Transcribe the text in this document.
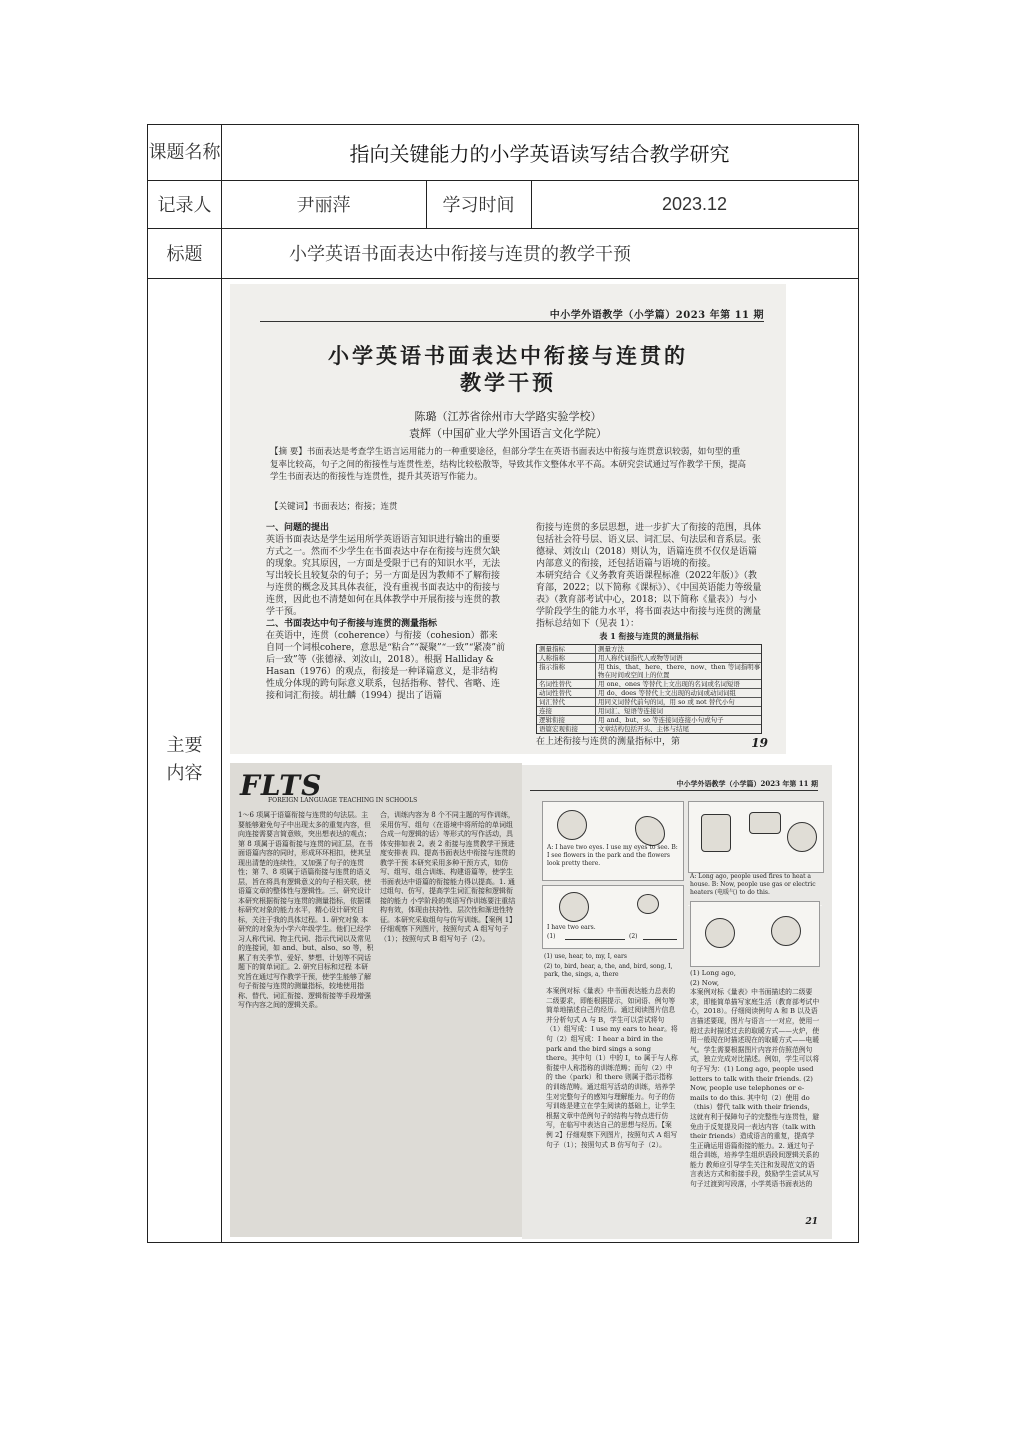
课题名称	指向关键能力的小学英语读写结合教学研究
记录人	尹丽萍	学习时间	2023.12
标题	小学英语书面表达中衔接与连贯的教学干预
主要内容
中小学外语教学（小学篇）2023 年第 11 期
小学英语书面表达中衔接与连贯的
教学干预
陈璐（江苏省徐州市大学路实验学校）
袁辉（中国矿业大学外国语言文化学院）
【摘 要】书面表达是考查学生语言运用能力的一种重要途径，但部分学生在英语书面表达中衔接与连贯意识较弱，如句型的重复率比较高，句子之间的衔接性与连贯性差，结构比较松散等，导致其作文整体水平不高。本研究尝试通过写作教学干预，提高学生书面表达的衔接性与连贯性，提升其英语写作能力。
【关键词】书面表达；衔接；连贯
一、问题的提出
英语书面表达是学生运用所学英语语言知识进行输出的重要方式之一。然而不少学生在书面表达中存在衔接与连贯欠缺的现象。究其原因，一方面是受限于已有的知识水平，无法写出较长且较复杂的句子；另一方面是因为教师不了解衔接与连贯的概念及其具体表征，没有重视书面表达中的衔接与连贯，因此也不清楚如何在具体教学中开展衔接与连贯的教学干预。
二、书面表达中句子衔接与连贯的测量指标
在英语中，连贯（coherence）与衔接（cohesion）都来自同一个词根cohere，意思是“粘合”“凝聚”“一致”“紧凑”前后一致”等（张德禄、刘汝山，2018）。根据 Halliday & Hasan（1976）的观点，衔接是一种译篇意义，是非结构性成分体现的跨句际意义联系，包括指称、替代、省略、连接和词汇衔接。胡壮麟（1994）提出了语篇
衔接与连贯的多层思想，进一步扩大了衔接的范围，具体包括社会符号层、语义层、词汇层、句法层和音系层。张德禄、刘汝山（2018）则认为，语篇连贯不仅仅是语篇内部意义的衔接，还包括语篇与语境的衔接。
本研究结合《义务教育英语课程标准（2022年版）》（教育部，2022；以下简称《课标》）、《中国英语能力等级量表》（教育部考试中心，2018；以下简称《量表》）与小学阶段学生的能力水平，将书面表达中衔接与连贯的测量指标总结如下（见表 1）：
表 1 衔接与连贯的测量指标
测量指标	测量方法
人称指称	用人称代词指代人或物等词语
指示指称	用 this、that、here、there、now、then 等词指明事物在时间或空间上的位置
名词性替代	用 one、ones 等替代上文出现的名词或名词短语
动词性替代	用 do、does 等替代上文出现的动词或动词词组
词汇替代	用同义词替代前句的词，用 so 或 not 替代小句
连接	用词汇、短语等连接词
逻辑衔接	用 and、but、so 等连接词连接小句或句子
语篇宏观衔接	文章结构包括开头、主体与结尾
在上述衔接与连贯的测量指标中，第	19
FLTS
FOREIGN LANGUAGE TEACHING IN SCHOOLS
1～6 项属于语篇衔接与连贯的句法层。主要能够避免句子中出现太多的重复内容，但向连接需要言简意赅，突出想表达的观点；第 8 项属于语篇衔接与连贯的词汇层，在书面语篇内容的同时，形成环环相扣，使其呈现出清楚的连续性，又加强了句子的连贯性；第 7、8 项属于语篇衔接与连贯的语义层，旨在将具有逻辑意义的句子相关联，使语篇文章的整体性与逻辑性。三、研究设计 本研究根据衔接与连贯的测量指标，依据课标研究对象的能力水平，精心设计研究目标，关注于我的具体过程。1. 研究对象 本研究的对象为小学六年级学生。他们已经学习人称代词、物主代词、指示代词以及常见的连接词，如 and、but、also、so 等，积累了有关季节、爱好、梦想、计划等不同话题下的简单词汇。2. 研究目标和过程 本研究旨在通过写作教学干预，使学生能够了解句子衔接与连贯的测量指标，较地使用指称、替代、词汇衔接、逻辑衔接等手段增强写作内容之间的逻辑关系。
合，训练内容为 8 个不同主题的写作训练，采用仿写、组句（在语境中将所给的单词组合成一句逻辑的话）等形式的写作活动，具体安排如表 2。表 2 衔接与连贯教学干预进度安排表 四、提高书面表达中衔接与连贯的教学干预 本研究采用多种干预方式，如仿写、组写、组合训练、构建语篇等，使学生书面表达中语篇的衔接能力得以提高。1. 通过组句、仿写，提高学生词汇衔接和逻辑衔接的能力 小学阶段的英语写作训练要注重结构有效，体现由扶持性、层次性和渐进性特征。本研究采取组句与仿写训练。【案例 1】仔细观察下列图片，按照句式 A 组写句子（1）；按照句式 B 组写句子（2）。
中小学外语教学（小学篇）2023 年第 11 期
A: I have two eyes. I use my eyes to see. B: I see flowers in the park and the flowers look pretty there.
I have two ears.
(1)	(2)
(1) use, hear, to, my, I, ears
(2) to, bird, hear, a, the, and, bird, song, I, park, the, sings, a, there
本案例对标《量表》中书面表达能力总表的二级要求，即能根据提示，如词语、例句等简单地描述自己的经历。通过阅读图片信息并分析句式 A 与 B，学生可以尝试将句（1）组写成：I use my ears to hear。将句（2）组写成：I hear a bird in the park and the bird sings a song there。其中句（1）中的 I，to 属于与人称衔接中人称指称的训练范畴；而句（2）中的 the（park）和 there 则属于指示指称的训练范畴。通过组写活动的训练，培养学生对完整句子的感知与理解能力。句子的仿写训练是建立在学生阅读的基础上，让学生根据文章中范例句子的结构与特点进行仿写，在临写中表达自己的思想与经历。【案例 2】仔细观察下列图片，按照句式 A 组写句子（1）；按照句式 B 仿写句子（2）。
A: Long ago, people used fires to heat a house. B: Now, people use gas or electric heaters (电暖气) to do this.
(1) Long ago,
(2) Now,
本案例对标《量表》中书面描述的二级要求，即能简单描写家庭生活（教育部考试中心，2018）。仔细阅读例句 A 和 B 以及语言描述要现，图片与语言一一对应，使用一般过去时描述过去的取暖方式——火炉，使用一般现在时描述现在的取暖方式——电暖气。学生需要根据图片内容并仿照范例句式，独立完成对比描述。例如，学生可以将句子写为：(1) Long ago, people used letters to talk with their friends. (2) Now, people use telephones or e-mails to do this. 其中句（2）使用 do（this）替代 talk with their friends，这就有利于保障句子的完整性与连贯性，避免由于反复提及同一表达内容（talk with their friends）造成语言的重复，提高学生正确运用语篇衔接的能力。2. 通过句子组合训练，培养学生组织语段间逻辑关系的能力 教师应引导学生关注和发现范文的语言表达方式和衔接手段，鼓励学生尝试从写句子过渡到写段落，小学英语书面表达的
21
